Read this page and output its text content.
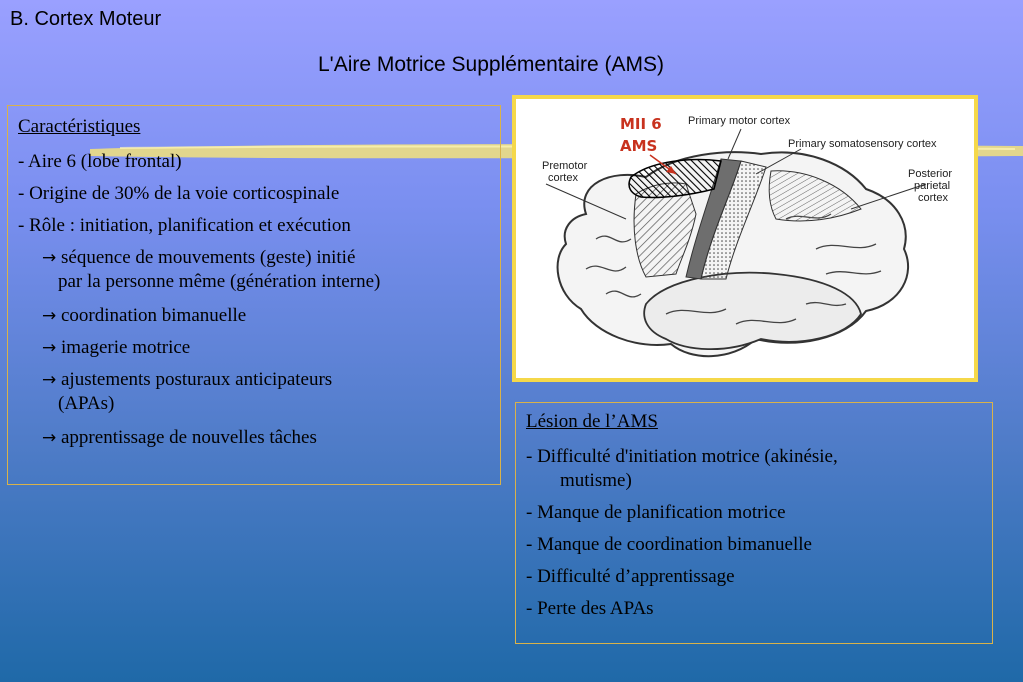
B. Cortex Moteur
L'Aire Motrice Supplémentaire (AMS)
Caractéristiques
- Aire 6 (lobe frontal)
- Origine de 30% de la voie corticospinale
- Rôle : initiation, planification et exécution
→ séquence de mouvements (geste) initié
par la personne même (génération interne)
→ coordination bimanuelle
→ imagerie motrice
→ ajustements posturaux anticipateurs
(APAs)
→ apprentissage de nouvelles tâches
MII 6
AMS
Primary motor cortex
Primary somatosensory cortex
Premotor
cortex	Posterior
parietal
cortex
Lésion de l’AMS
- Difficulté d'initiation motrice (akinésie,
mutisme)
- Manque de planification motrice
- Manque de coordination bimanuelle
- Difficulté d’apprentissage
- Perte des APAs
